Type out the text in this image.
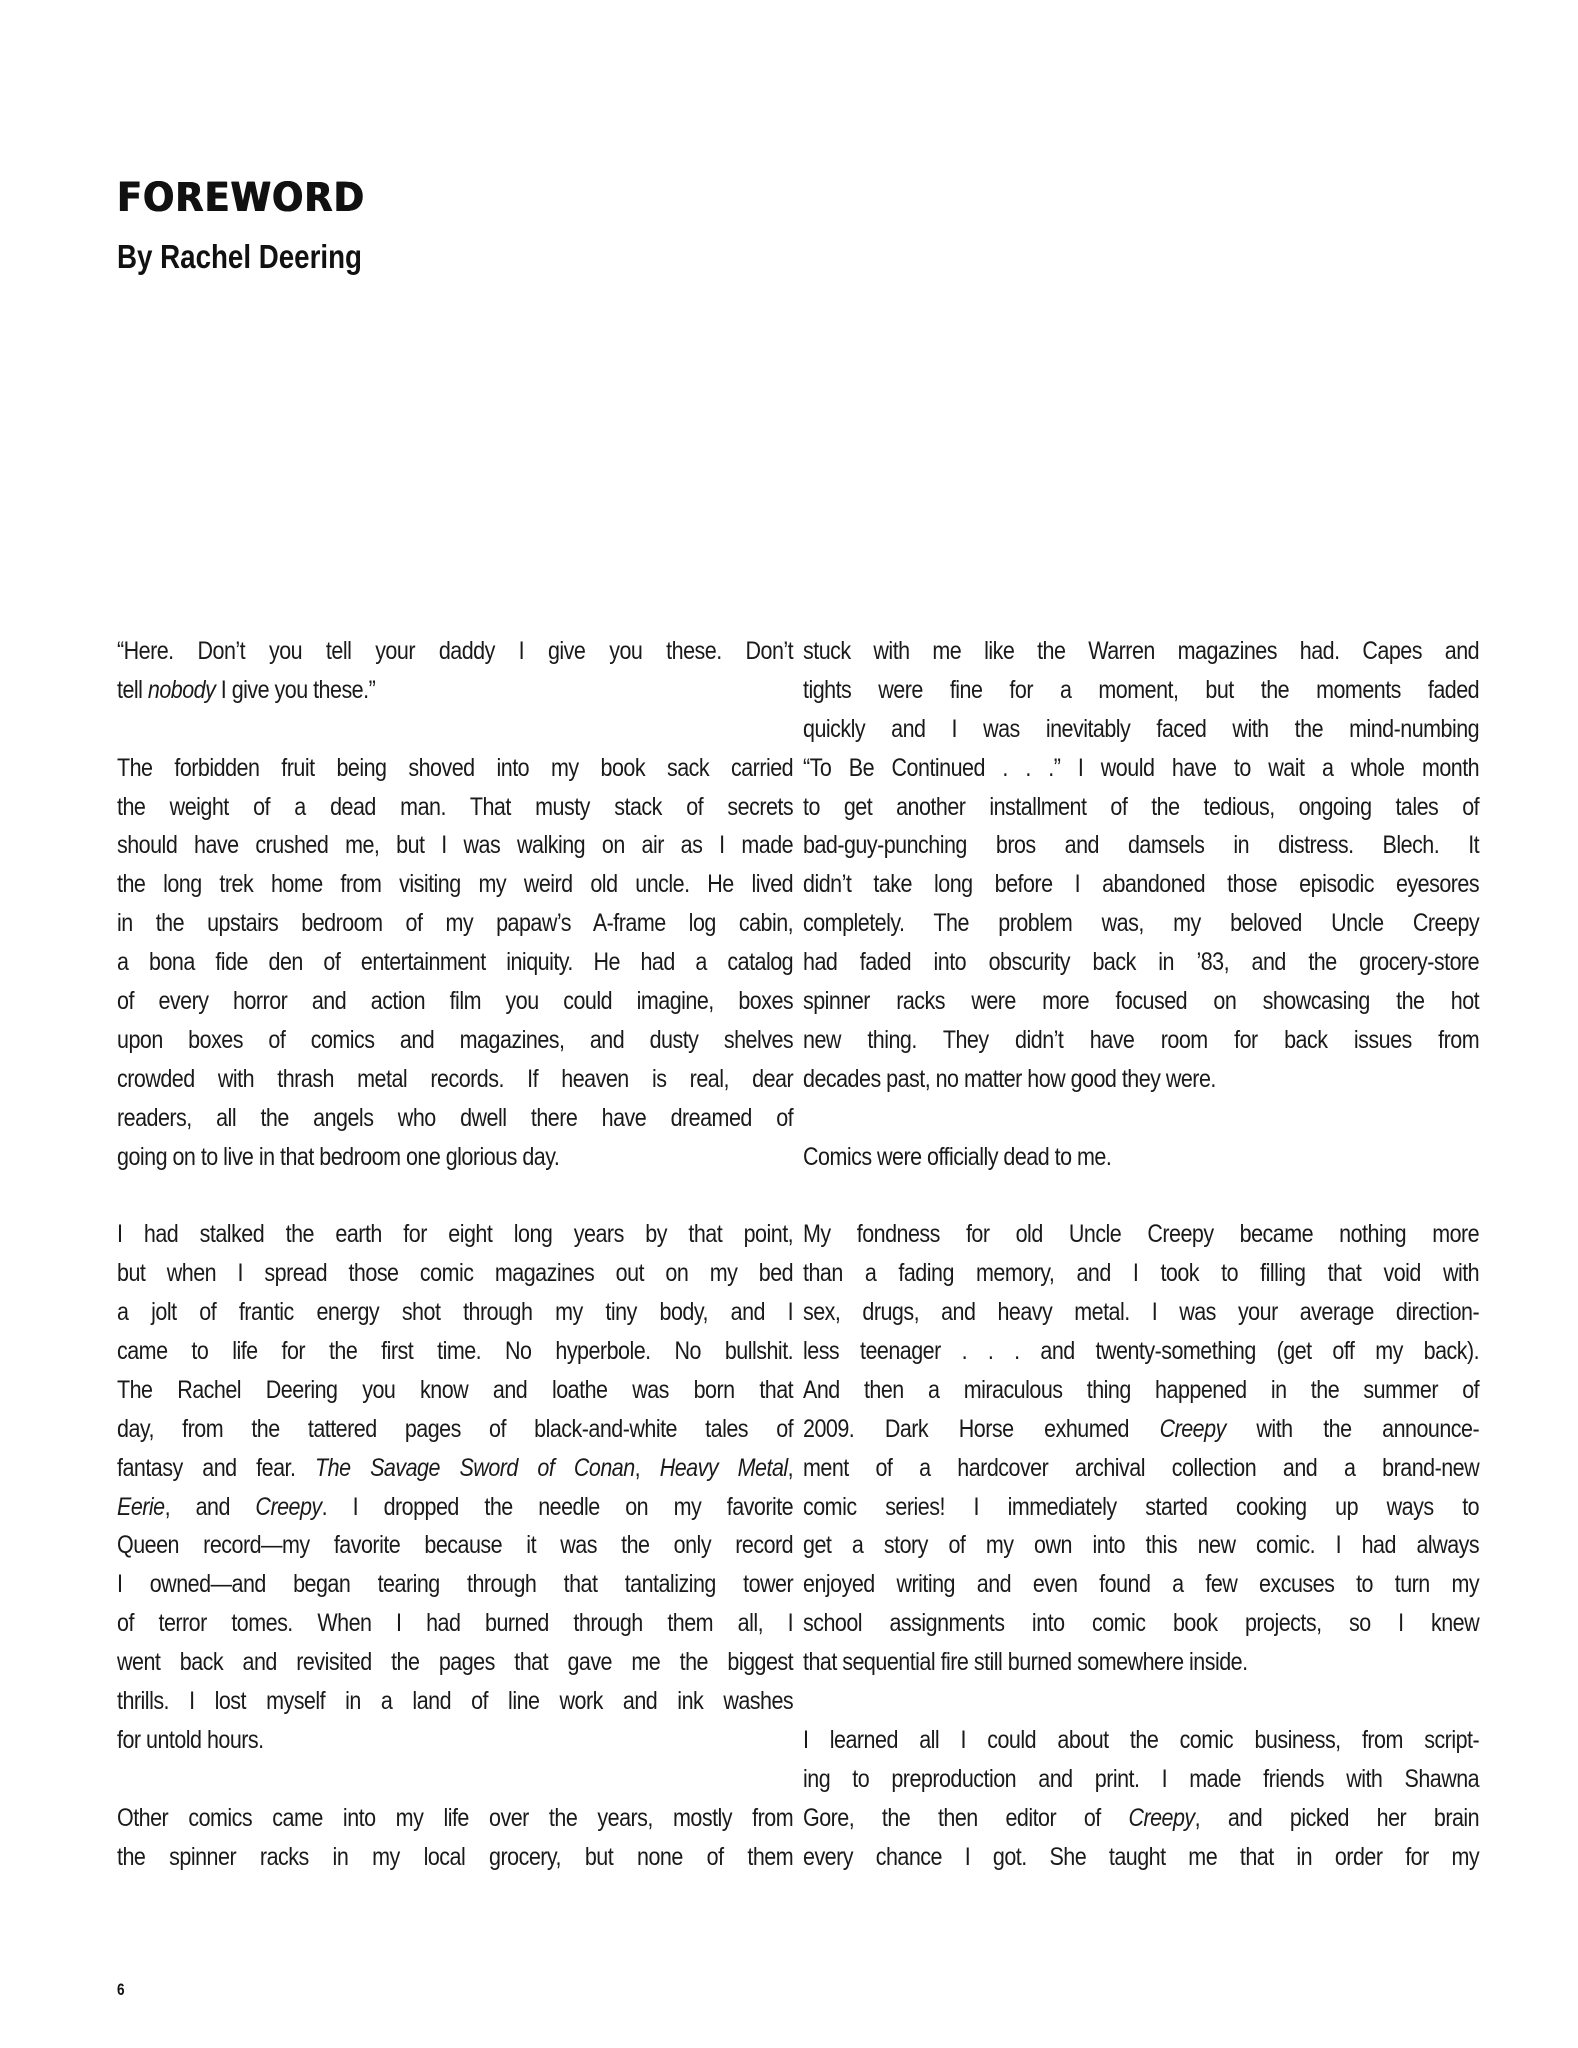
FOREWORD
By Rachel Deering
“Here. Don’t you tell your daddy I give you these. Don’t
tell nobody I give you these.”
The forbidden fruit being shoved into my book sack carried
the weight of a dead man. That musty stack of secrets
should have crushed me, but I was walking on air as I made
the long trek home from visiting my weird old uncle. He lived
in the upstairs bedroom of my papaw’s A-frame log cabin,
a bona fide den of entertainment iniquity. He had a catalog
of every horror and action film you could imagine, boxes
upon boxes of comics and magazines, and dusty shelves
crowded with thrash metal records. If heaven is real, dear
readers, all the angels who dwell there have dreamed of
going on to live in that bedroom one glorious day.
I had stalked the earth for eight long years by that point,
but when I spread those comic magazines out on my bed
a jolt of frantic energy shot through my tiny body, and I
came to life for the first time. No hyperbole. No bullshit.
The Rachel Deering you know and loathe was born that
day, from the tattered pages of black-and-white tales of
fantasy and fear. The Savage Sword of Conan, Heavy Metal,
Eerie, and Creepy. I dropped the needle on my favorite
Queen record—my favorite because it was the only record
I owned—and began tearing through that tantalizing tower
of terror tomes. When I had burned through them all, I
went back and revisited the pages that gave me the biggest
thrills. I lost myself in a land of line work and ink washes
for untold hours.
Other comics came into my life over the years, mostly from
the spinner racks in my local grocery, but none of them
stuck with me like the Warren magazines had. Capes and
tights were fine for a moment, but the moments faded
quickly and I was inevitably faced with the mind-numbing
“To Be Continued . . .” I would have to wait a whole month
to get another installment of the tedious, ongoing tales of
bad-guy-punching bros and damsels in distress. Blech. It
didn’t take long before I abandoned those episodic eyesores
completely. The problem was, my beloved Uncle Creepy
had faded into obscurity back in ’83, and the grocery-store
spinner racks were more focused on showcasing the hot
new thing. They didn’t have room for back issues from
decades past, no matter how good they were.
Comics were officially dead to me.
My fondness for old Uncle Creepy became nothing more
than a fading memory, and I took to filling that void with
sex, drugs, and heavy metal. I was your average direction-
less teenager . . . and twenty-something (get off my back).
And then a miraculous thing happened in the summer of
2009. Dark Horse exhumed Creepy with the announce-
ment of a hardcover archival collection and a brand-new
comic series! I immediately started cooking up ways to
get a story of my own into this new comic. I had always
enjoyed writing and even found a few excuses to turn my
school assignments into comic book projects, so I knew
that sequential fire still burned somewhere inside.
I learned all I could about the comic business, from script-
ing to preproduction and print. I made friends with Shawna
Gore, the then editor of Creepy, and picked her brain
every chance I got. She taught me that in order for my
6
